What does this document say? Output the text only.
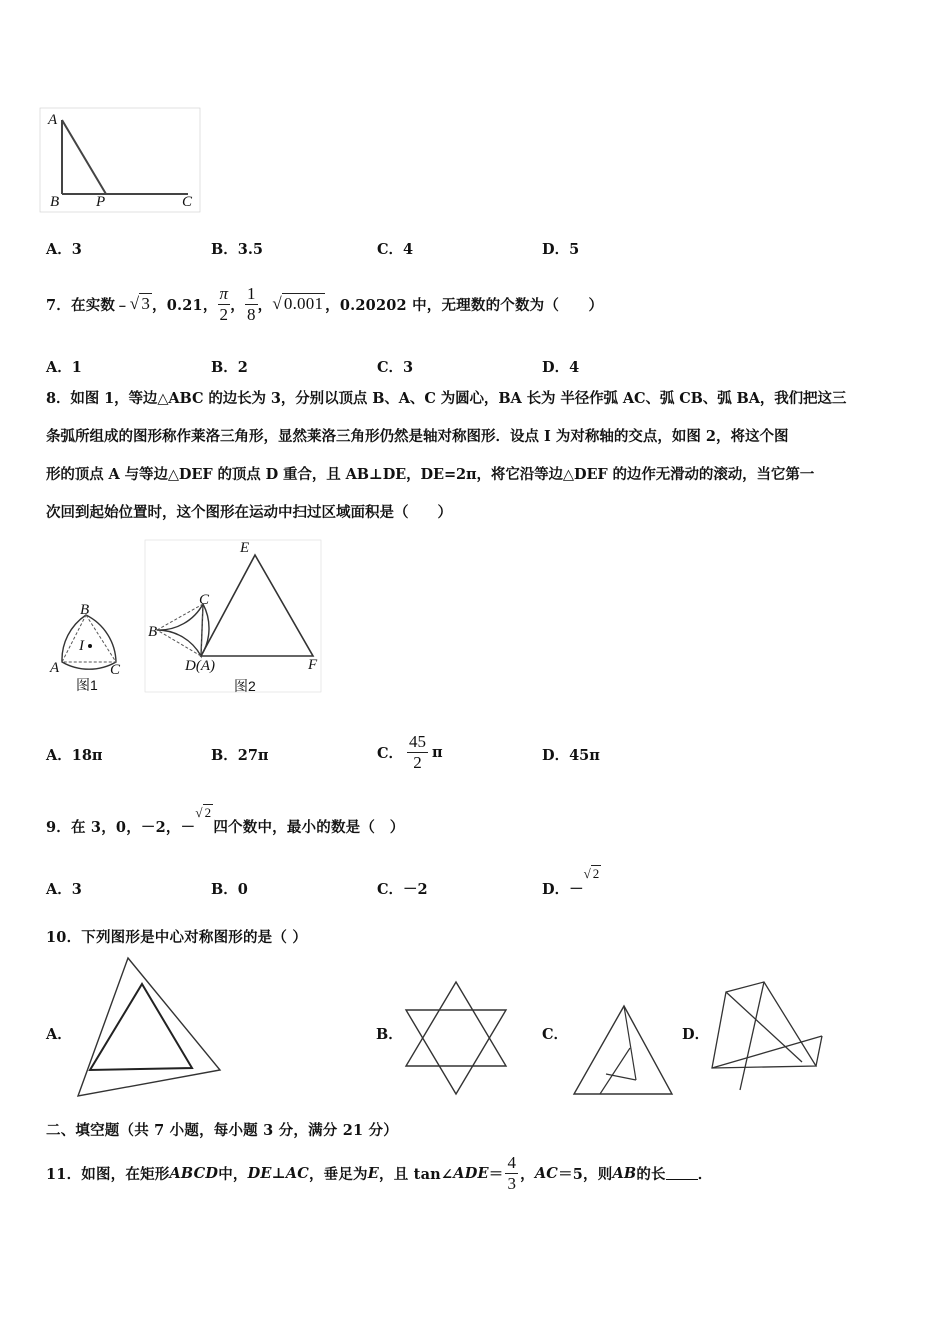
A
B P	C
A．3	B．3.5	C．4	D．5
7．在实数﹣ √ 3 ，0.21， $\frac{\pi}{2}$ ， $\frac{1}{8}$ ， √ 0.001 ，0.20202 中，无理数的个数为（　　）
A．1	B．2	C．3	D．4
8．如图 1，等边△ABC 的边长为 3，分别以顶点 B、A、C 为圆心，BA 长为 半径作弧 AC、弧 CB、弧 BA，我们把这三
条弧所组成的图形称作莱洛三角形，显然莱洛三角形仍然是轴对称图形．设点 I 为对称轴的交点，如图 2，将这个图
形的顶点 A 与等边△DEF 的顶点 D 重合，且 AB⊥DE，DE=2π，将它沿等边△DEF 的边作无滑动的滚动，当它第一
次回到起始位置时，这个图形在运动中扫过区域面积是（　　）
B
I
A	C
图1
E
C
B
D(A)	F
图2
A．18π	B．27π	C． $\frac{45}{2}$ π	D．45π
9．在 3，0，－2，－√ 2四个数中，最小的数是（　）
A．3	B．0	C．－2	D．－√ 2
10．下列图形是中心对称图形的是（ ）
A．	B．	C．	D．
二、填空题（共 7 小题，每小题 3 分，满分 21 分）
11．如图，在矩形 ABCD 中， DE ⊥ AC ，垂足为 E ，且 tan∠ ADE ＝ $\frac{4}{3}$ ， AC ＝5，则 AB 的长 ．
